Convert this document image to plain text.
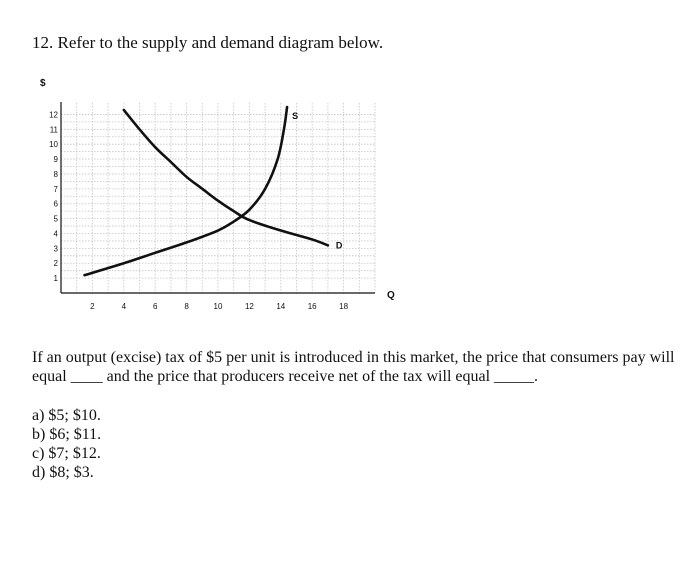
12. Refer to the supply and demand diagram below.
$
1
2
3
4
5
6
7
8
9
10
11
12
2	4	6	8	10	12	14	16	18
S
D
Q

If an output (excise) tax of $5 per unit is introduced in this market, the price that consumers pay will equal ____ and the price that producers receive net of the tax will equal _____.

a) $5; $10.
b) $6; $11.
c) $7; $12.
d) $8; $3.
